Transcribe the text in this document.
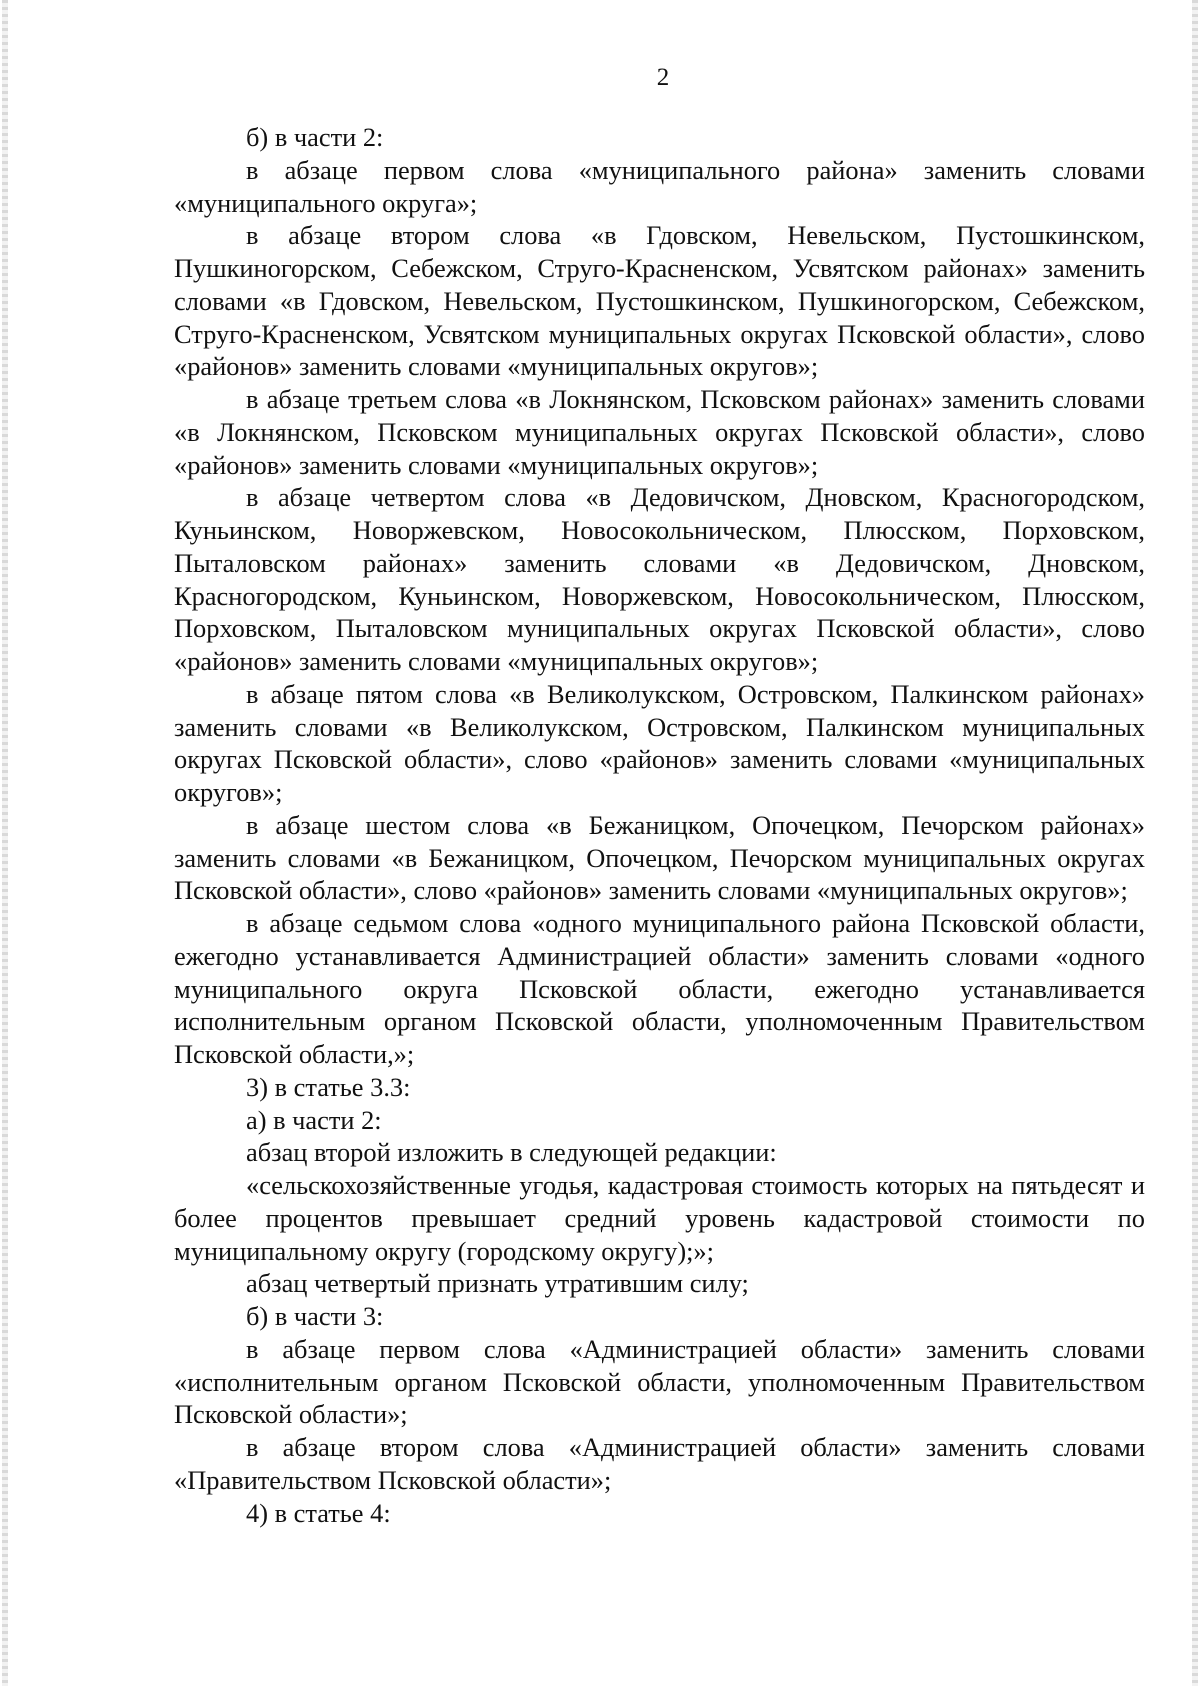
2

б) в части 2:

в абзаце первом слова «муниципального района» заменить словами «муниципального округа»;

в абзаце втором слова «в Гдовском, Невельском, Пустошкинском, Пушкиногорском, Себежском, Струго-Красненском, Усвятском районах» заменить словами «в Гдовском, Невельском, Пустошкинском, Пушкиногорском, Себежском, Струго-Красненском, Усвятском муниципальных округах Псковской области», слово «районов» заменить словами «муниципальных округов»;

в абзаце третьем слова «в Локнянском, Псковском районах» заменить словами «в Локнянском, Псковском муниципальных округах Псковской области», слово «районов» заменить словами «муниципальных округов»;

в абзаце четвертом слова «в Дедовичском, Дновском, Красногородском, Куньинском, Новоржевском, Новосокольническом, Плюсском, Порховском, Пыталовском районах» заменить словами «в Дедовичском, Дновском, Красногородском, Куньинском, Новоржевском, Новосокольническом, Плюсском, Порховском, Пыталовском муниципальных округах Псковской области», слово «районов» заменить словами «муниципальных округов»;

в абзаце пятом слова «в Великолукском, Островском, Палкинском районах» заменить словами «в Великолукском, Островском, Палкинском муниципальных округах Псковской области», слово «районов» заменить словами «муниципальных округов»;

в абзаце шестом слова «в Бежаницком, Опочецком, Печорском районах» заменить словами «в Бежаницком, Опочецком, Печорском муниципальных округах Псковской области», слово «районов» заменить словами «муниципальных округов»;

в абзаце седьмом слова «одного муниципального района Псковской области, ежегодно устанавливается Администрацией области» заменить словами «одного муниципального округа Псковской области, ежегодно устанавливается исполнительным органом Псковской области, уполномоченным Правительством Псковской области,»;

3) в статье 3.3:

а) в части 2:

абзац второй изложить в следующей редакции:

«сельскохозяйственные угодья, кадастровая стоимость которых на пятьдесят и более процентов превышает средний уровень кадастровой стоимости по муниципальному округу (городскому округу);»;

абзац четвертый признать утратившим силу;

б) в части 3:

в абзаце первом слова «Администрацией области» заменить словами «исполнительным органом Псковской области, уполномоченным Правительством Псковской области»;

в абзаце втором слова «Администрацией области» заменить словами «Правительством Псковской области»;

4) в статье 4:
